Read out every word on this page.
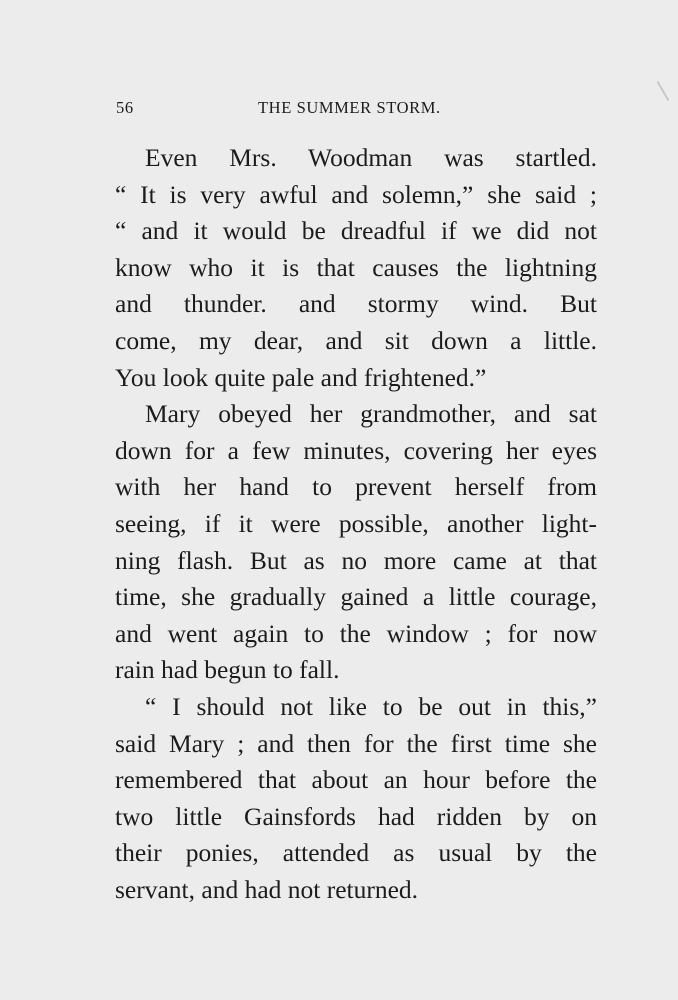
56	THE SUMMER STORM.
Even Mrs. Woodman was startled.
“ It is very awful and solemn,” she said ;
“ and it would be dreadful if we did not
know who it is that causes the lightning
and thunder. and stormy wind. But
come, my dear, and sit down a little.
You look quite pale and frightened.”
Mary obeyed her grandmother, and sat
down for a few minutes, covering her eyes
with her hand to prevent herself from
seeing, if it were possible, another light-
ning flash. But as no more came at that
time, she gradually gained a little courage,
and went again to the window ; for now
rain had begun to fall.
“ I should not like to be out in this,”
said Mary ; and then for the first time she
remembered that about an hour before the
two little Gainsfords had ridden by on
their ponies, attended as usual by the
servant, and had not returned.
